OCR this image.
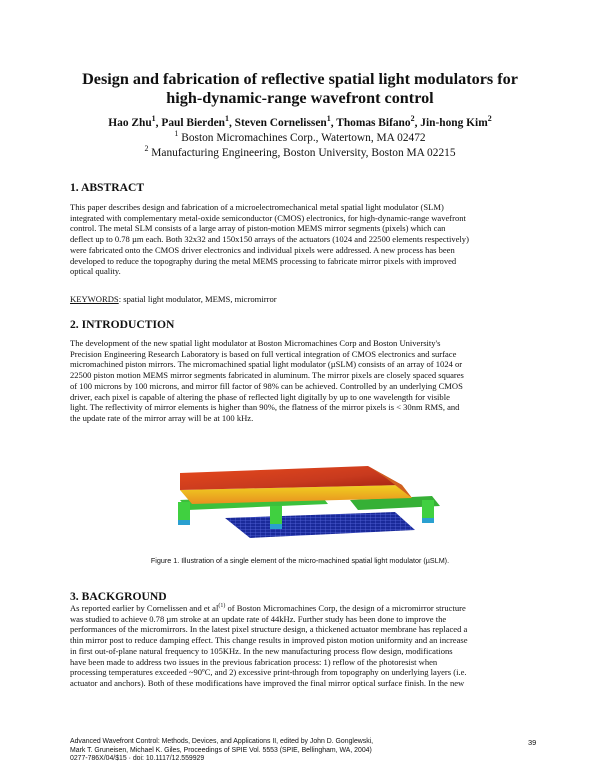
Design and fabrication of reflective spatial light modulators for
high-dynamic-range wavefront control
Hao Zhu$^1$, Paul Bierden$^1$, Steven Cornelissen$^1$, Thomas Bifano$^2$, Jin-hong Kim$^2$
$^1$ Boston Micromachines Corp., Watertown, MA 02472
$^2$ Manufacturing Engineering, Boston University, Boston MA 02215
1. ABSTRACT
This paper describes design and fabrication of a microelectromechanical metal spatial light modulator (SLM)
integrated with complementary metal-oxide semiconductor (CMOS) electronics, for high-dynamic-range wavefront
control. The metal SLM consists of a large array of piston-motion MEMS mirror segments (pixels) which can
deflect up to 0.78 µm each. Both 32x32 and 150x150 arrays of the actuators (1024 and 22500 elements respectively)
were fabricated onto the CMOS driver electronics and individual pixels were addressed. A new process has been
developed to reduce the topography during the metal MEMS processing to fabricate mirror pixels with improved
optical quality.
KEYWORDS: spatial light modulator, MEMS, micromirror
2. INTRODUCTION
The development of the new spatial light modulator at Boston Micromachines Corp and Boston University's
Precision Engineering Research Laboratory is based on full vertical integration of CMOS electronics and surface
micromachined piston mirrors. The micromachined spatial light modulator (µSLM) consists of an array of 1024 or
22500 piston motion MEMS mirror segments fabricated in aluminum. The mirror pixels are closely spaced squares
of 100 microns by 100 microns, and mirror fill factor of 98% can be achieved. Controlled by an underlying CMOS
driver, each pixel is capable of altering the phase of reflected light digitally by up to one wavelength for visible
light. The reflectivity of mirror elements is higher than 90%, the flatness of the mirror pixels is < 30nm RMS, and
the update rate of the mirror array will be at 100 kHz.
Figure 1. Illustration of a single element of the micro-machined spatial light modulator (µSLM).
3. BACKGROUND
As reported earlier by Cornelissen and et $al^{(1)}$ of Boston Micromachines Corp, the design of a micromirror structure
was studied to achieve 0.78 µm stroke at an update rate of 44kHz. Further study has been done to improve the
performances of the micromirrors. In the latest pixel structure design, a thickened actuator membrane has replaced a
thin mirror post to reduce damping effect. This change results in improved piston motion uniformity and an increase
in first out-of-plane natural frequency to 105KHz. In the new manufacturing process flow design, modifications
have been made to address two issues in the previous fabrication process: 1) reflow of the photoresist when
processing temperatures exceeded ~90ºC, and 2) excessive print-through from topography on underlying layers (i.e.
actuator and anchors). Both of these modifications have improved the final mirror optical surface finish. In the new
Advanced Wavefront Control: Methods, Devices, and Applications II, edited by John D. Gonglewski,
Mark T. Gruneisen, Michael K. Giles, Proceedings of SPIE Vol. 5553 (SPIE, Bellingham, WA, 2004)
0277-786X/04/$15 · doi: 10.1117/12.559929
39
